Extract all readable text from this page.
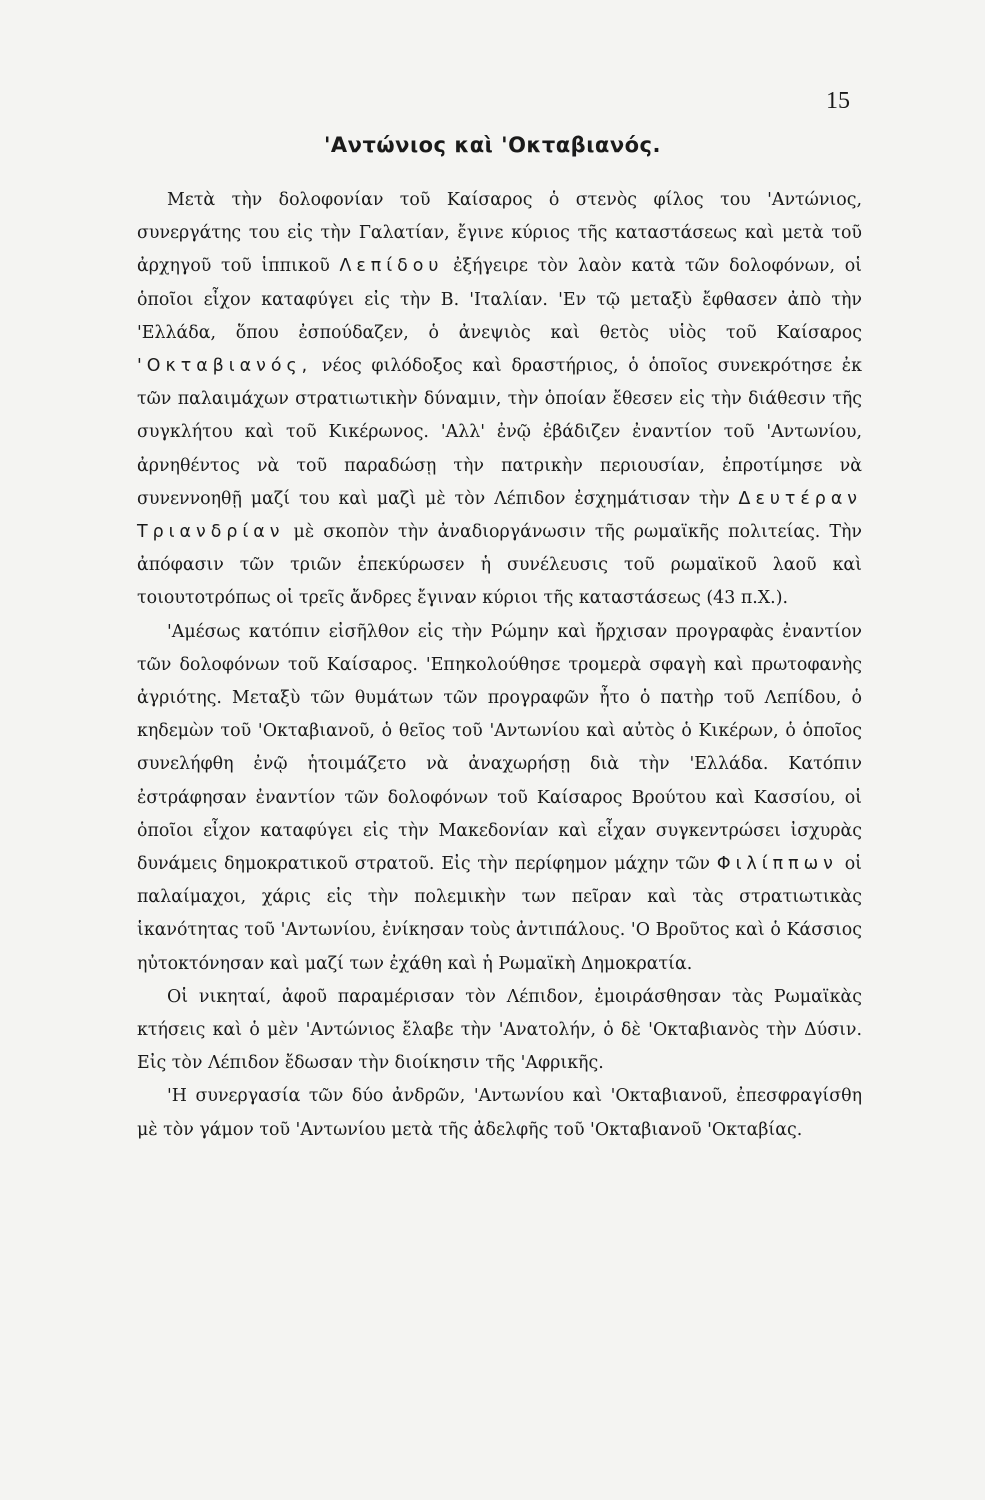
15
'Αντώνιος καὶ 'Οκταβιανός.

Μετὰ τὴν δολοφονίαν τοῦ Καίσαρος ὁ στενὸς φίλος του 'Αντώνιος, συνεργάτης του εἰς τὴν Γαλατίαν, ἔγινε κύριος τῆς καταστάσεως καὶ μετὰ τοῦ ἀρχηγοῦ τοῦ ἱππικοῦ Λεπίδου ἐξήγειρε τὸν λαὸν κατὰ τῶν δολοφόνων, οἱ ὁποῖοι εἶχον καταφύγει εἰς τὴν Β. 'Ιταλίαν. 'Εν τῷ μεταξὺ ἔφθασεν ἀπὸ τὴν 'Ελλάδα, ὅπου ἐσπούδαζεν, ὁ ἀνεψιὸς καὶ θετὸς υἱὸς τοῦ Καίσαρος 'Οκταβιανός, νέος φιλόδοξος καὶ δραστήριος, ὁ ὁποῖος συνεκρότησε ἐκ τῶν παλαιμάχων στρατιωτικὴν δύναμιν, τὴν ὁποίαν ἔθεσεν εἰς τὴν διάθεσιν τῆς συγκλήτου καὶ τοῦ Κικέρωνος. 'Αλλ' ἐνῷ ἐβάδιζεν ἐναντίον τοῦ 'Αντωνίου, ἀρνηθέντος νὰ τοῦ παραδώσῃ τὴν πατρικὴν περιουσίαν, ἐπροτίμησε νὰ συνεννοηθῇ μαζί του καὶ μαζὶ μὲ τὸν Λέπιδον ἐσχημάτισαν τὴν Δευτέραν Τριανδρίαν μὲ σκοπὸν τὴν ἀναδιοργάνωσιν τῆς ρωμαϊκῆς πολιτείας. Τὴν ἀπόφασιν τῶν τριῶν ἐπεκύρωσεν ἡ συνέλευσις τοῦ ρωμαϊκοῦ λαοῦ καὶ τοιουτοτρόπως οἱ τρεῖς ἄνδρες ἔγιναν κύριοι τῆς καταστάσεως (43 π.Χ.).

'Αμέσως κατόπιν εἰσῆλθον εἰς τὴν Ρώμην καὶ ἤρχισαν προγραφὰς ἐναντίον τῶν δολοφόνων τοῦ Καίσαρος. 'Επηκολούθησε τρομερὰ σφαγὴ καὶ πρωτοφανὴς ἀγριότης. Μεταξὺ τῶν θυμάτων τῶν προγραφῶν ἦτο ὁ πατὴρ τοῦ Λεπίδου, ὁ κηδεμὼν τοῦ 'Οκταβιανοῦ, ὁ θεῖος τοῦ 'Αντωνίου καὶ αὐτὸς ὁ Κικέρων, ὁ ὁποῖος συνελήφθη ἐνῷ ἡτοιμάζετο νὰ ἀναχωρήσῃ διὰ τὴν 'Ελλάδα. Κατόπιν ἐστράφησαν ἐναντίον τῶν δολοφόνων τοῦ Καίσαρος Βρούτου καὶ Κασσίου, οἱ ὁποῖοι εἶχον καταφύγει εἰς τὴν Μακεδονίαν καὶ εἶχαν συγκεντρώσει ἰσχυρὰς δυνάμεις δημοκρατικοῦ στρατοῦ. Εἰς τὴν περίφημον μάχην τῶν Φιλίππων οἱ παλαίμαχοι, χάρις εἰς τὴν πολεμικὴν των πεῖραν καὶ τὰς στρατιωτικὰς ἱκανότητας τοῦ 'Αντωνίου, ἐνίκησαν τοὺς ἀντιπάλους. 'Ο Βροῦτος καὶ ὁ Κάσσιος ηὐτοκτόνησαν καὶ μαζί των ἐχάθη καὶ ἡ Ρωμαϊκὴ Δημοκρατία.

Οἱ νικηταί, ἀφοῦ παραμέρισαν τὸν Λέπιδον, ἐμοιράσθησαν τὰς Ρωμαϊκὰς κτήσεις καὶ ὁ μὲν 'Αντώνιος ἔλαβε τὴν 'Ανατολήν, ὁ δὲ 'Οκταβιανὸς τὴν Δύσιν. Εἰς τὸν Λέπιδον ἔδωσαν τὴν διοίκησιν τῆς 'Αφρικῆς.

'Η συνεργασία τῶν δύο ἀνδρῶν, 'Αντωνίου καὶ 'Οκταβιανοῦ, ἐπεσφραγίσθη μὲ τὸν γάμον τοῦ 'Αντωνίου μετὰ τῆς ἀδελφῆς τοῦ 'Οκταβιανοῦ 'Οκταβίας.
